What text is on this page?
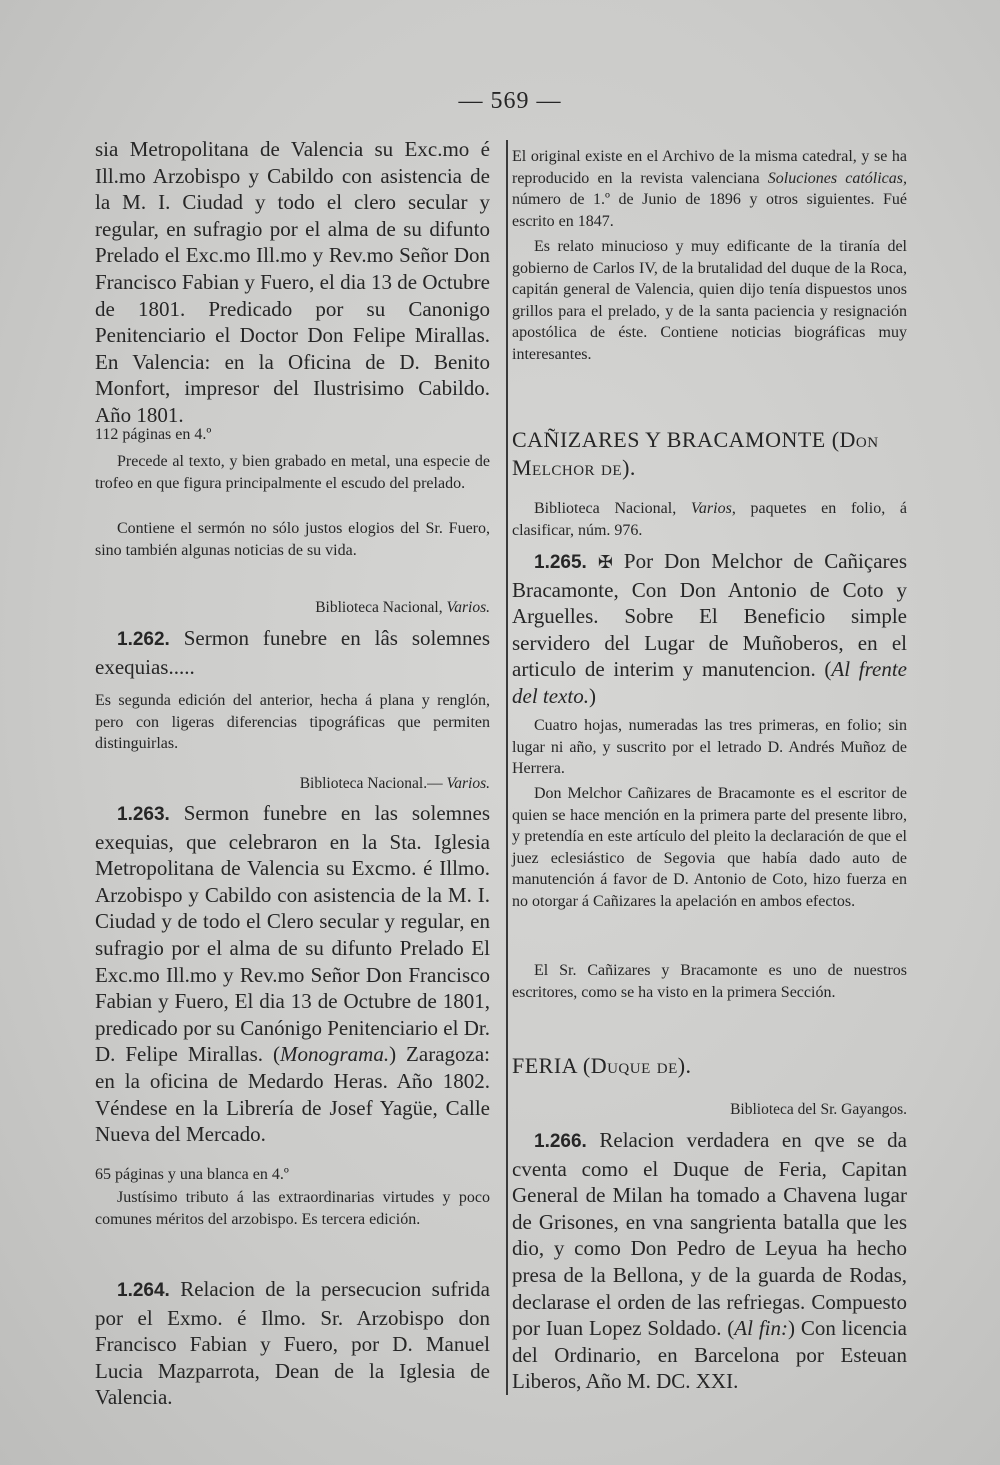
— 569 —

sia Metropolitana de Valencia su Exc.mo é Ill.mo Arzobispo y Cabildo con asistencia de la M. I. Ciudad y todo el clero secular y regular, en sufragio por el alma de su difunto Prelado el Exc.mo Ill.mo y Rev.mo Señor Don Francisco Fabian y Fuero, el dia 13 de Octubre de 1801. Predicado por su Canonigo Penitenciario el Doctor Don Felipe Mirallas. En Valencia: en la Oficina de D. Benito Monfort, impresor del Ilustrisimo Cabildo. Año 1801.

112 páginas en 4.º

Precede al texto, y bien grabado en metal, una especie de trofeo en que figura principalmente el escudo del prelado.

Contiene el sermón no sólo justos elogios del Sr. Fuero, sino también algunas noticias de su vida.

Biblioteca Nacional, Varios.

1.262. Sermon funebre en lâs solemnes exequias.....

Es segunda edición del anterior, hecha á plana y renglón, pero con ligeras diferencias tipográficas que permiten distinguirlas.

Biblioteca Nacional.— Varios.

1.263. Sermon funebre en las solemnes exequias, que celebraron en la Sta. Iglesia Metropolitana de Valencia su Excmo. é Illmo. Arzobispo y Cabildo con asistencia de la M. I. Ciudad y de todo el Clero secular y regular, en sufragio por el alma de su difunto Prelado El Exc.mo Ill.mo y Rev.mo Señor Don Francisco Fabian y Fuero, El dia 13 de Octubre de 1801, predicado por su Canónigo Penitenciario el Dr. D. Felipe Mirallas. (Monograma.) Zaragoza: en la oficina de Medardo Heras. Año 1802. Véndese en la Librería de Josef Yagüe, Calle Nueva del Mercado.

65 páginas y una blanca en 4.º

Justísimo tributo á las extraordinarias virtudes y poco comunes méritos del arzobispo. Es tercera edición.

1.264. Relacion de la persecucion sufrida por el Exmo. é Ilmo. Sr. Arzobispo don Francisco Fabian y Fuero, por D. Manuel Lucia Mazparrota, Dean de la Iglesia de Valencia.

El original existe en el Archivo de la misma catedral, y se ha reproducido en la revista valenciana Soluciones católicas, número de 1.º de Junio de 1896 y otros siguientes. Fué escrito en 1847.

Es relato minucioso y muy edificante de la tiranía del gobierno de Carlos IV, de la brutalidad del duque de la Roca, capitán general de Valencia, quien dijo tenía dispuestos unos grillos para el prelado, y de la santa paciencia y resignación apostólica de éste. Contiene noticias biográficas muy interesantes.

CAÑIZARES Y BRACAMONTE (Don Melchor de).

Biblioteca Nacional, Varios, paquetes en folio, á clasificar, núm. 976.

1.265. ✠ Por Don Melchor de Cañiçares Bracamonte, Con Don Antonio de Coto y Arguelles. Sobre El Beneficio simple servidero del Lugar de Muñoberos, en el articulo de interim y manutencion. (Al frente del texto.)

Cuatro hojas, numeradas las tres primeras, en folio; sin lugar ni año, y suscrito por el letrado D. Andrés Muñoz de Herrera.

Don Melchor Cañizares de Bracamonte es el escritor de quien se hace mención en la primera parte del presente libro, y pretendía en este artículo del pleito la declaración de que el juez eclesiástico de Segovia que había dado auto de manutención á favor de D. Antonio de Coto, hizo fuerza en no otorgar á Cañizares la apelación en ambos efectos.

El Sr. Cañizares y Bracamonte es uno de nuestros escritores, como se ha visto en la primera Sección.

FERIA (Duque de).

Biblioteca del Sr. Gayangos.

1.266. Relacion verdadera en qve se da cventa como el Duque de Feria, Capitan General de Milan ha tomado a Chavena lugar de Grisones, en vna sangrienta batalla que les dio, y como Don Pedro de Leyua ha hecho presa de la Bellona, y de la guarda de Rodas, declarase el orden de las refriegas. Compuesto por Iuan Lopez Soldado. (Al fin:) Con licencia del Ordinario, en Barcelona por Esteuan Liberos, Año M. DC. XXI.
